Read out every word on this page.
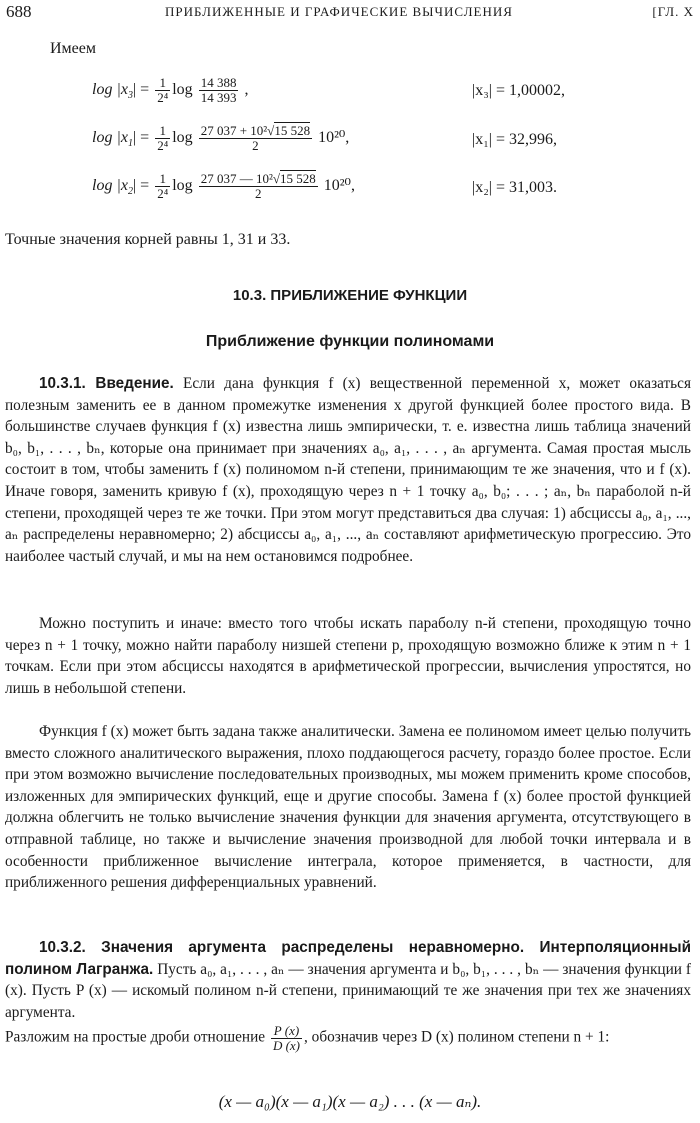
688	ПРИБЛИЖЕННЫЕ И ГРАФИЧЕСКИЕ ВЫЧИСЛЕНИЯ	[ГЛ. X
Имеем
$\log |x_3| = \frac{1}{\text{2⁴}}$ $\log \frac{14 388}{14 393}$ ,	|x₃| = 1,00002,
$\log |x_1| = \frac{1}{\text{2⁴}}$ $\log \frac{\text{27 037 + 10²√15 528}}{2} 10^{20}$,	|x₁| = 32,996,
$\log |x_2| = \frac{1}{\text{2⁴}}$ $\log \frac{\text{27 037 — 10²√15 528}}{2} 10^{20}$,	|x₂| = 31,003.
Точные значения корней равны 1, 31 и 33.
10.3. ПРИБЛИЖЕНИЕ ФУНКЦИИ
Приближение функции полиномами
10.3.1. Введение. Если дана функция f (x) вещественной переменной x, может оказаться полезным заменить ее в данном промежутке изменения x другой функцией более простого вида. В большинстве случаев функция f (x) известна лишь эмпирически, т. е. известна лишь таблица значений b₀, b₁, . . . , bₙ, которые она принимает при значениях a₀, a₁, . . . , aₙ аргумента. Самая простая мысль состоит в том, чтобы заменить f (x) полиномом n-й степени, принимающим те же значения, что и f (x). Иначе говоря, заменить кривую f (x), проходящую через n + 1 точку a₀, b₀; . . . ; aₙ, bₙ параболой n-й степени, проходящей через те же точки. При этом могут представиться два случая: 1) абсциссы a₀, a₁, ..., aₙ распределены неравномерно; 2) абсциссы a₀, a₁, ..., aₙ составляют арифметическую прогрессию. Это наиболее частый случай, и мы на нем остановимся подробнее.
Можно поступить и иначе: вместо того чтобы искать параболу n-й степени, проходящую точно через n + 1 точку, можно найти параболу низшей степени p, проходящую возможно ближе к этим n + 1 точкам. Если при этом абсциссы находятся в арифметической прогрессии, вычисления упростятся, но лишь в небольшой степени.
Функция f (x) может быть задана также аналитически. Замена ее полиномом имеет целью получить вместо сложного аналитического выражения, плохо поддающегося расчету, гораздо более простое. Если при этом возможно вычисление последовательных производных, мы можем применить кроме способов, изложенных для эмпирических функций, еще и другие способы. Замена f (x) более простой функцией должна облегчить не только вычисление значения функции для значения аргумента, отсутствующего в отправной таблице, но также и вычисление значения производной для любой точки интервала и в особенности приближенное вычисление интеграла, которое применяется, в частности, для приближенного решения дифференциальных уравнений.
10.3.2. Значения аргумента распределены неравномерно. Интерполяционный полином Лагранжа. Пусть a₀, a₁, . . . , aₙ — значения аргумента и b₀, b₁, . . . , bₙ — значения функции f (x). Пусть P (x) — искомый полином n-й степени, принимающий те же значения при тех же значениях аргумента.
Разложим на простые дроби отношение $\frac{P (x)}{D (x)}$ , обозначив через D (x) полином степени n + 1:
(x — a₀)(x — a₁)(x — a₂) . . . (x — aₙ).
